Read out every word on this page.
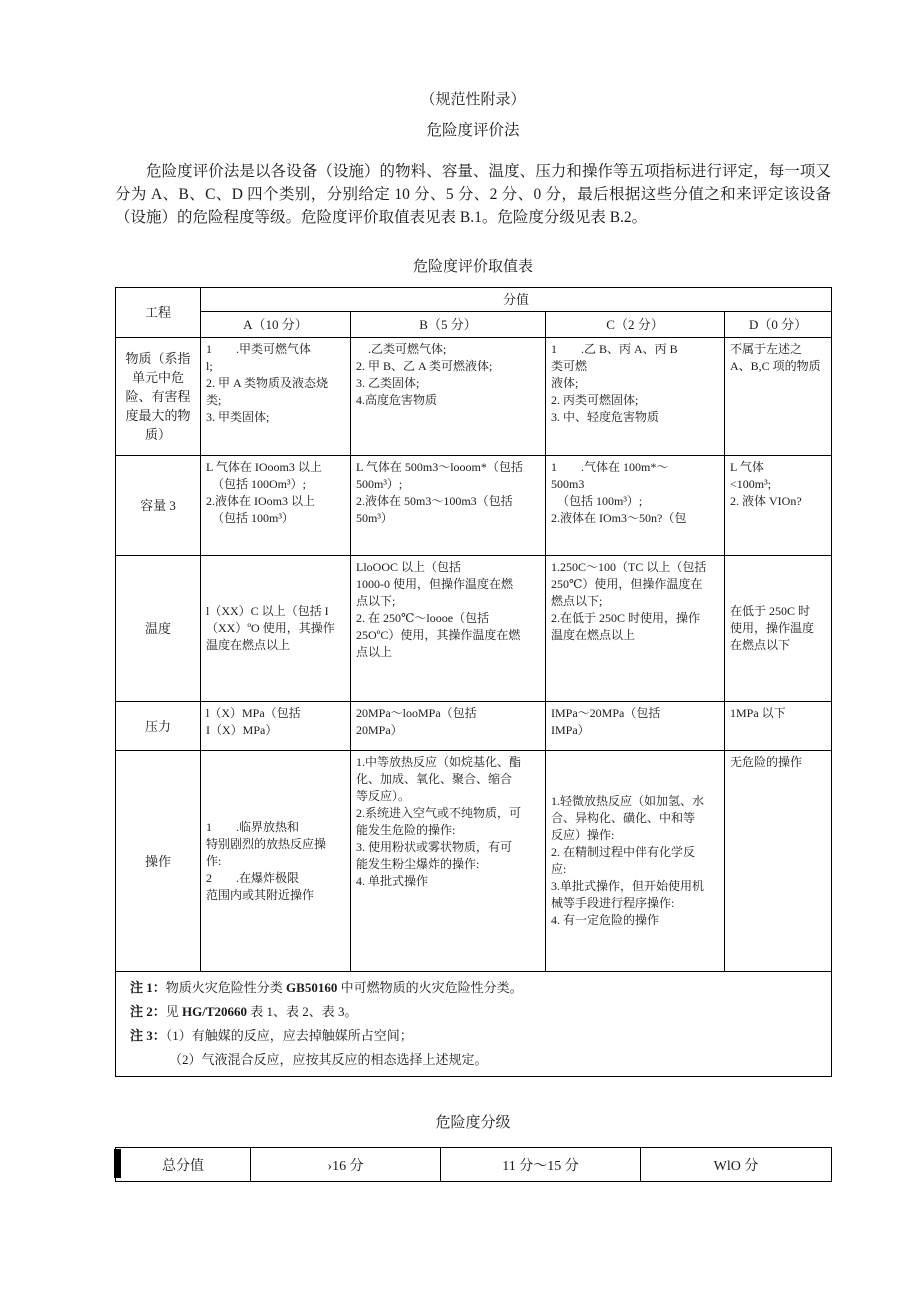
（规范性附录）
危险度评价法

危险度评价法是以各设备（设施）的物料、容量、温度、压力和操作等五项指标进行评定，每一项又分为 A、B、C、D 四个类别，分别给定 10 分、5 分、2 分、0 分，最后根据这些分值之和来评定该设备（设施）的危险程度等级。危险度评价取值表见表 B.1。危险度分级见表 B.2。

危险度评价取值表
工程	分值			
	A（10 分）	B（5 分）	C（2 分）	D（0 分）
物质（系指单元中危险、有害程度最大的物质）	1　　.甲类可燃气体
l;
2. 甲 A 类物质及液态烧
类;
3. 甲类固体;	　.乙类可燃气体;
2. 甲 B、乙 A 类可燃液体;
3. 乙类固体;
4.高度危害物质	1　　.乙 B、丙 A、丙 B
类可燃
液体;
2. 丙类可燃固体;
3. 中、轻度危害物质	不属于左述之
A、B,C 项的物质
容量 3	L 气体在 IOoom3 以上
　（包括 100Om³）;
2.液体在 IOom3 以上
　（包括 100m³）	L 气体在 500m3～looom*（包括
500m³）;
2.液体在 50m3～100m3（包括
50m³）	1　　.气体在 100m*～
500m3
　（包括 100m³）;
2.液体在 IOm3～50n?（包	L 气体
<100m³;
2. 液体 VIOn?
温度	l（XX）C 以上（包括 I
（XX）ºO 使用，其操作
温度在燃点以上	LloOOC 以上（包括
1000-0 使用，但操作温度在燃
点以下;
2. 在 250℃～loooe（包括
25OºC）使用，其操作温度在燃
点以上	1.250C～100（TC 以上（包括
250℃）使用，但操作温度在
燃点以下;
2.在低于 250C 时使用，操作
温度在燃点以上	在低于 250C 时
使用，操作温度
在燃点以下
压力	l（X）MPa（包括
I（X）MPa）	20MPa～looMPa（包括
20MPa）	IMPa～20MPa（包括
IMPa）	1MPa 以下
操作	1　　.临界放热和
特别剧烈的放热反应操
作:
2　　.在爆炸极限
范围内或其附近操作	1.中等放热反应（如烷基化、酯
化、加成、氧化、聚合、缩合
等反应）。
2.系统进入空气或不纯物质，可
能发生危险的操作:
3. 使用粉状或雾状物质，有可
能发生粉尘爆炸的操作:
4. 单批式操作	1.轻微放热反应（如加氢、水
合、异构化、磺化、中和等
反应）操作:
2. 在精制过程中伴有化学反
应:
3.单批式操作，但开始使用机
械等手段进行程序操作:
4. 有一定危险的操作	无危险的操作

注 1：物质火灾危险性分类 GB50160 中可燃物质的火灾危险性分类。
注 2：见 HG/T20660 表 1、表 2、表 3。
注 3：（1）有触媒的反应，应去掉触媒所占空间；
（2）气液混合反应，应按其反应的相态选择上述规定。				
危险度分级
总分值	›16 分	11 分～15 分	WlO 分
